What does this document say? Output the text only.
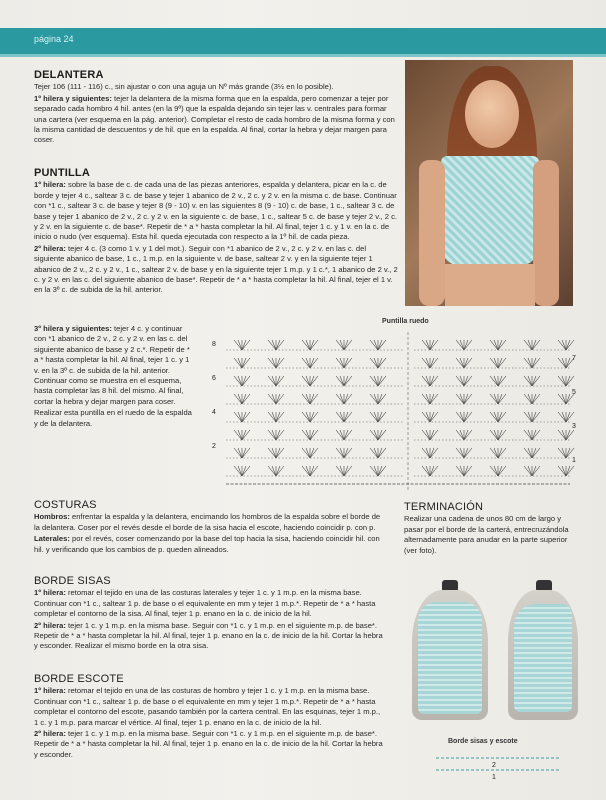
página 24
DELANTERA

Tejer 106 (111 - 116) c., sin ajustar o con una aguja un Nº más grande (3½ en lo posible).

1º hilera y siguientes: tejer la delantera de la misma forma que en la espalda, pero comenzar a tejer por separado cada hombro 4 hil. antes (en la 9º) que la espalda dejando sin tejer las v. centrales para formar una cartera (ver esquema en la pág. anterior). Completar el resto de cada hombro de la misma forma y con la misma cantidad de descuentos y de hil. que en la espalda. Al final, cortar la hebra y dejar margen para coser.

PUNTILLA

1º hilera: sobre la base de c. de cada una de las piezas anteriores, espalda y delantera, picar en la c. de borde y tejer 4 c., saltear 3 c. de base y tejer 1 abanico de 2 v., 2 c. y 2 v. en la misma c. de base. Continuar con *1 c., saltear 3 c. de base y tejer 8 (9 - 10) v. en las siguientes 8 (9 - 10) c. de base, 1 c., saltear 3 c. de base y tejer 1 abanico de 2 v., 2 c. y 2 v. en la siguiente c. de base, 1 c., saltear 5 c. de base y tejer 2 v., 2 c. y 2 v. en la siguiente c. de base*. Repetir de * a * hasta completar la hil. Al final, tejer 1 c. y 1 v. en la c. de inicio o nudo (ver esquema). Esta hil. queda ejecutada con respecto a la 1º hil. de cada pieza.

2º hilera: tejer 4 c. (3 como 1 v. y 1 del mot.). Seguir con *1 abanico de 2 v., 2 c. y 2 v. en las c. del siguiente abanico de base, 1 c., 1 m.p. en la siguiente v. de base, saltear 2 v. y en la siguiente tejer 1 abanico de 2 v., 2 c. y 2 v., 1 c., saltear 2 v. de base y en la siguiente tejer 1 m.p. y 1 c.*, 1 abanico de 2 v., 2 c. y 2 v. en las c. del siguiente abanico de base*. Repetir de * a * hasta completar la hil. Al final, tejer el 1 v. en la 3º c. de subida de la hil. anterior.

3º hilera y siguientes: tejer 4 c. y continuar con *1 abanico de 2 v., 2 c. y 2 v. en las c. del siguiente abanico de base y 2 c.*. Repetir de * a * hasta completar la hil. Al final, tejer 1 c. y 1 v. en la 3º c. de subida de la hil. anterior. Continuar como se muestra en el esquema, hasta completar las 8 hil. del mismo. Al final, cortar la hebra y dejar margen para coser.

Realizar esta puntilla en el ruedo de la espalda y de la delantera.

Puntilla ruedo
8
6
4
2
7
5
3
1
COSTURAS

Hombros: enfrentar la espalda y la delantera, encimando los hombros de la espalda sobre el borde de la delantera. Coser por el revés desde el borde de la sisa hacia el escote, haciendo coincidir p. con p.

Laterales: por el revés, coser comenzando por la base del top hacia la sisa, haciendo coincidir hil. con hil. y verificando que los cambios de p. queden alineados.

TERMINACIÓN

Realizar una cadena de unos 80 cm de largo y pasar por el borde de la carterá, entrecruzándola alternadamente para anudar en la parte superior (ver foto).

BORDE SISAS

1º hilera: retomar el tejido en una de las costuras laterales y tejer 1 c. y 1 m.p. en la misma base. Continuar con *1 c., saltear 1 p. de base o el equivalente en mm y tejer 1 m.p.*. Repetir de * a * hasta completar el contorno de la sisa. Al final, tejer 1 p. enano en la c. de inicio de la hil.

2º hilera: tejer 1 c. y 1 m.p. en la misma base. Seguir con *1 c. y 1 m.p. en el siguiente m.p. de base*. Repetir de * a * hasta completar la hil. Al final, tejer 1 p. enano en la c. de inicio de la hil. Cortar la hebra y esconder. Realizar el mismo borde en la otra sisa.

BORDE ESCOTE

1º hilera: retomar el tejido en una de las costuras de hombro y tejer 1 c. y 1 m.p. en la misma base. Continuar con *1 c., saltear 1 p. de base o el equivalente en mm y tejer 1 m.p.*. Repetir de * a * hasta completar el contorno del escote, pasando también por la cartera central. En las esquinas, tejer 1 m.p., 1 c. y 1 m.p. para marcar el vértice. Al final, tejer 1 p. enano en la c. de inicio de la hil.

2º hilera: tejer 1 c. y 1 m.p. en la misma base. Seguir con *1 c. y 1 m.p. en el siguiente m.p. de base*. Repetir de * a * hasta completar la hil. Al final, tejer 1 p. enano en la c. de inicio de la hil. Cortar la hebra y esconder.

Borde sisas y escote
2
1
